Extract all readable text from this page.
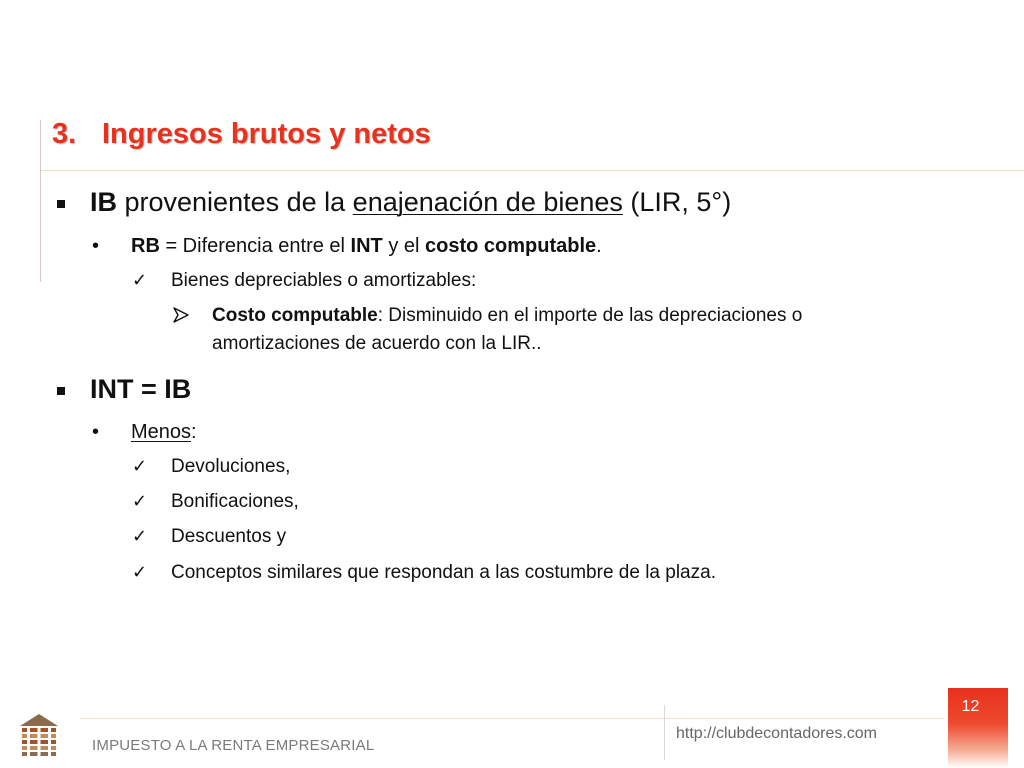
3. Ingresos brutos y netos
IB provenientes de la enajenación de bienes (LIR, 5°)
• RB = Diferencia entre el INT y el costo computable.
✓ Bienes depreciables o amortizables:
Costo computable: Disminuido en el importe de las depreciaciones o
amortizaciones de acuerdo con la LIR..
INT = IB
• Menos:
✓ Devoluciones,
✓ Bonificaciones,
✓ Descuentos y
✓ Conceptos similares que respondan a las costumbre de la plaza.
IMPUESTO A LA RENTA EMPRESARIAL
http://clubdecontadores.com
12
